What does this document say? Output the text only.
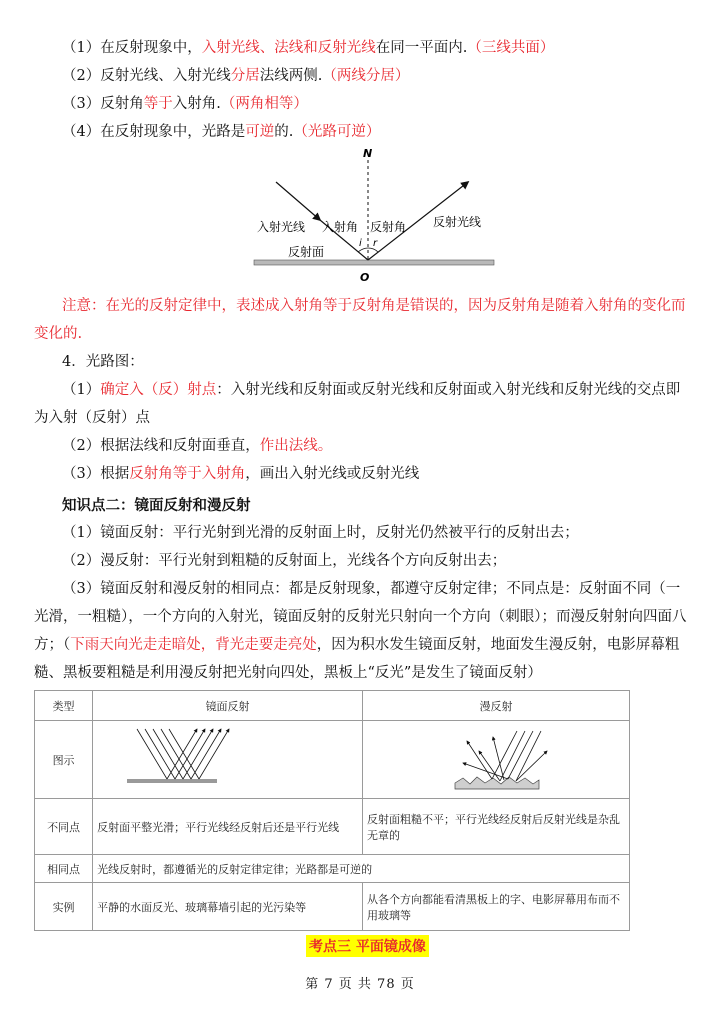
（1）在反射现象中，入射光线、法线和反射光线在同一平面内.（三线共面）
（2）反射光线、入射光线分居法线两侧.（两线分居）
（3）反射角等于入射角.（两角相等）
（4）在反射现象中，光路是可逆的.（光路可逆）
N
入射光线 入射角 反射角 反射光线
i r
反射面
O
注意：在光的反射定律中，表述成入射角等于反射角是错误的，因为反射角是随着入射角的变化而
变化的.
4．光路图：
（1）确定入（反）射点：入射光线和反射面或反射光线和反射面或入射光线和反射光线的交点即
为入射（反射）点
（2）根据法线和反射面垂直，作出法线。
（3）根据反射角等于入射角，画出入射光线或反射光线
知识点二：镜面反射和漫反射
（1）镜面反射：平行光射到光滑的反射面上时，反射光仍然被平行的反射出去；
（2）漫反射：平行光射到粗糙的反射面上，光线各个方向反射出去；
（3）镜面反射和漫反射的相同点：都是反射现象，都遵守反射定律；不同点是：反射面不同（一
光滑，一粗糙），一个方向的入射光，镜面反射的反射光只射向一个方向（刺眼）；而漫反射射向四面八
方；（下雨天向光走走暗处，背光走要走亮处，因为积水发生镜面反射，地面发生漫反射，电影屏幕粗
糙、黑板要粗糙是利用漫反射把光射向四处，黑板上“反光”是发生了镜面反射）
类型	镜面反射	漫反射
图示		
不同点	反射面平整光滑；平行光线经反射后还是平行光线	反射面粗糙不平；平行光线经反射后反射光线是杂乱无章的
相同点	光线反射时，都遵循光的反射定律定律；光路都是可逆的	
实例	平静的水面反光、玻璃幕墙引起的光污染等	从各个方向都能看清黑板上的字、电影屏幕用布而不用玻璃等
考点三 平面镜成像
第 7 页 共 78 页
